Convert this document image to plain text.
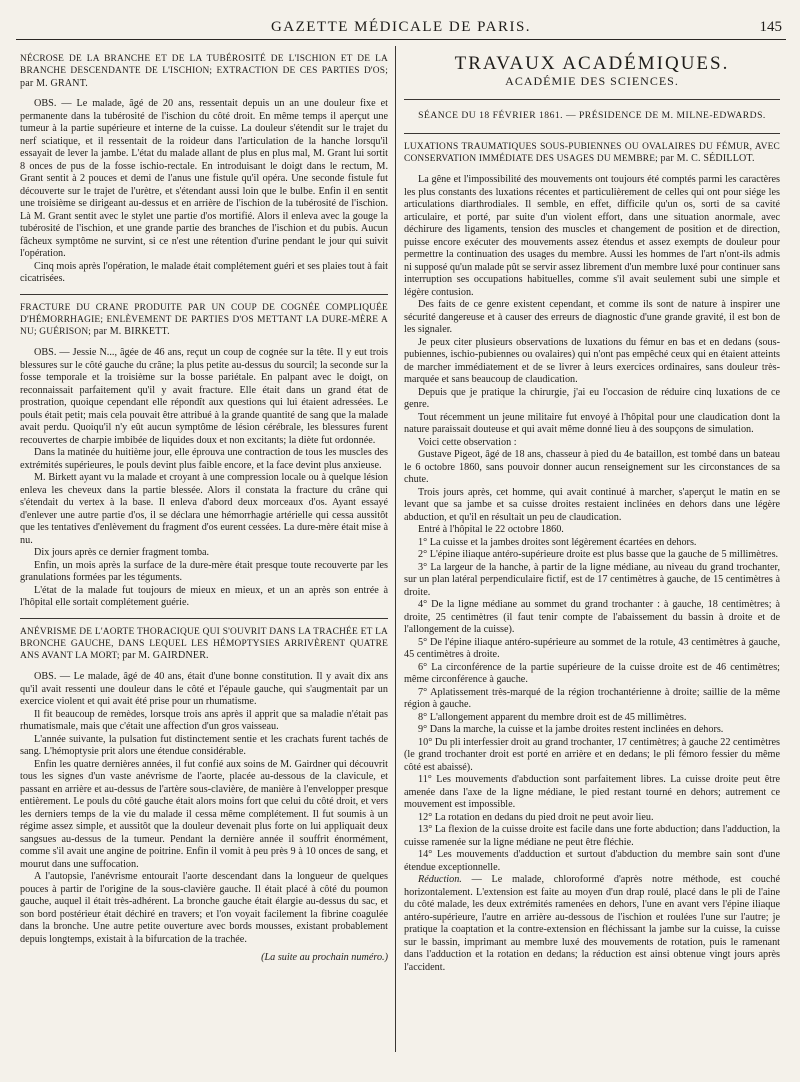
GAZETTE MÉDICALE DE PARIS.	145
NÉCROSE DE LA BRANCHE ET DE LA TUBÉROSITÉ DE L'ISCHION ET DE LA BRANCHE DESCENDANTE DE L'ISCHION; EXTRACTION DE CES PARTIES D'OS; par M. GRANT.

OBS. — Le malade, âgé de 20 ans, ressentait depuis un an une douleur fixe et permanente dans la tubérosité de l'ischion du côté droit. En même temps il aperçut une tumeur à la partie supérieure et interne de la cuisse. La douleur s'étendit sur le trajet du nerf sciatique, et il ressentait de la roideur dans l'articulation de la hanche lorsqu'il essayait de lever la jambe. L'état du malade allant de plus en plus mal, M. Grant lui sortit 8 onces de pus de la fosse ischio-rectale. En introduisant le doigt dans le rectum, M. Grant sentit à 2 pouces et demi de l'anus une fistule qu'il opéra. Une seconde fistule fut découverte sur le trajet de l'urètre, et s'étendant aussi loin que le bulbe. Enfin il en sentit une troisième se dirigeant au-dessus et en arrière de l'ischion de la tubérosité de l'ischion. Là M. Grant sentit avec le stylet une partie d'os mortifié. Alors il enleva avec la gouge la tubérosité de l'ischion, et une grande partie des branches de l'ischion et du pubis. Aucun fâcheux symptôme ne survint, si ce n'est une rétention d'urine pendant le jour qui suivit l'opération.

Cinq mois après l'opération, le malade était complétement guéri et ses plaies tout à fait cicatrisées.

FRACTURE DU CRANE PRODUITE PAR UN COUP DE COGNÉE COMPLIQUÉE D'HÉMORRHAGIE; ENLÈVEMENT DE PARTIES D'OS METTANT LA DURE-MÈRE A NU; GUÉRISON; par M. BIRKETT.

OBS. — Jessie N..., âgée de 46 ans, reçut un coup de cognée sur la tête. Il y eut trois blessures sur le côté gauche du crâne; la plus petite au-dessus du sourcil; la seconde sur la fosse temporale et la troisième sur la bosse pariétale. En palpant avec le doigt, on reconnaissait parfaitement qu'il y avait fracture. Elle était dans un grand état de prostration, quoique cependant elle répondît aux questions qui lui étaient adressées. Le pouls était petit; mais cela pouvait être attribué à la grande quantité de sang que la malade avait perdu. Quoiqu'il n'y eût aucun symptôme de lésion cérébrale, les blessures furent recouvertes de charpie imbibée de liquides doux et non excitants; la diète fut ordonnée.

Dans la matinée du huitième jour, elle éprouva une contraction de tous les muscles des extrémités supérieures, le pouls devint plus faible encore, et la face devint plus anxieuse.

M. Birkett ayant vu la malade et croyant à une compression locale ou à quelque lésion enleva les cheveux dans la partie blessée. Alors il constata la fracture du crâne qui s'étendait du vertex à la base. Il enleva d'abord deux morceaux d'os. Ayant essayé d'enlever une autre partie d'os, il se déclara une hémorrhagie artérielle qui cessa aussitôt que les tentatives d'enlèvement du fragment d'os eurent cessées. La dure-mère était mise à nu.

Dix jours après ce dernier fragment tomba.

Enfin, un mois après la surface de la dure-mère était presque toute recouverte par les granulations formées par les téguments.

L'état de la malade fut toujours de mieux en mieux, et un an après son entrée à l'hôpital elle sortait complétement guérie.

ANÉVRISME DE L'AORTE THORACIQUE QUI S'OUVRIT DANS LA TRACHÉE ET LA BRONCHE GAUCHE, DANS LEQUEL LES HÉMOPTYSIES ARRIVÈRENT QUATRE ANS AVANT LA MORT; par M. GAIRDNER.

OBS. — Le malade, âgé de 40 ans, était d'une bonne constitution. Il y avait dix ans qu'il avait ressenti une douleur dans le côté et l'épaule gauche, qui s'augmentait par un exercice violent et qui avait été prise pour un rhumatisme.

Il fit beaucoup de remèdes, lorsque trois ans après il apprit que sa maladie n'était pas rhumatismale, mais que c'était une affection d'un gros vaisseau.

L'année suivante, la pulsation fut distinctement sentie et les crachats furent tachés de sang. L'hémoptysie prit alors une étendue considérable.

Enfin les quatre dernières années, il fut confié aux soins de M. Gairdner qui découvrit tous les signes d'un vaste anévrisme de l'aorte, placée au-dessous de la clavicule, et passant en arrière et au-dessus de l'artère sous-clavière, de manière à l'envelopper presque entièrement. Le pouls du côté gauche était alors moins fort que celui du côté droit, et vers les derniers temps de la vie du malade il cessa même complétement. Il fut soumis à un régime assez simple, et aussitôt que la douleur devenait plus forte on lui appliquait deux sangsues au-dessus de la tumeur. Pendant la dernière année il souffrit énormément, comme s'il avait une angine de poitrine. Enfin il vomit à peu près 9 à 10 onces de sang, et mourut dans une suffocation.

A l'autopsie, l'anévrisme entourait l'aorte descendant dans la longueur de quelques pouces à partir de l'origine de la sous-clavière gauche. Il était placé à côté du poumon gauche, auquel il était très-adhérent. La bronche gauche était élargie au-dessus du sac, et son bord postérieur était déchiré en travers; et l'on voyait facilement la fibrine coagulée dans la bronche. Une autre petite ouverture avec bords mousses, existant probablement depuis longtemps, existait à la bifurcation de la trachée.

(La suite au prochain numéro.)
TRAVAUX ACADÉMIQUES.
ACADÉMIE DES SCIENCES.
SÉANCE DU 18 FÉVRIER 1861. — PRÉSIDENCE DE M. MILNE-EDWARDS.
LUXATIONS TRAUMATIQUES SOUS-PUBIENNES OU OVALAIRES DU FÉMUR, AVEC CONSERVATION IMMÉDIATE DES USAGES DU MEMBRE; par M. C. SÉDILLOT.

La gêne et l'impossibilité des mouvements ont toujours été comptés parmi les caractères les plus constants des luxations récentes et particulièrement de celles qui ont pour siége les articulations diarthrodiales. Il semble, en effet, difficile qu'un os, sorti de sa cavité articulaire, et porté, par suite d'un violent effort, dans une situation anormale, avec déchirure des ligaments, tension des muscles et changement de position et de direction, puisse encore exécuter des mouvements assez étendus et assez exempts de douleur pour permettre la continuation des usages du membre. Aussi les hommes de l'art n'ont-ils admis ni supposé qu'un malade pût se servir assez librement d'un membre luxé pour continuer sans interruption ses occupations habituelles, comme s'il avait seulement subi une simple et légère contusion.

Des faits de ce genre existent cependant, et comme ils sont de nature à inspirer une sécurité dangereuse et à causer des erreurs de diagnostic d'une grande gravité, il est bon de les signaler.

Je peux citer plusieurs observations de luxations du fémur en bas et en dedans (sous-pubiennes, ischio-pubiennes ou ovalaires) qui n'ont pas empêché ceux qui en étaient atteints de marcher immédiatement et de se livrer à leurs exercices ordinaires, sans douleur très-marquée et sans beaucoup de claudication.

Depuis que je pratique la chirurgie, j'ai eu l'occasion de réduire cinq luxations de ce genre.

Tout récemment un jeune militaire fut envoyé à l'hôpital pour une claudication dont la nature paraissait douteuse et qui avait même donné lieu à des soupçons de simulation.

Voici cette observation :

Gustave Pigeot, âgé de 18 ans, chasseur à pied du 4e bataillon, est tombé dans un bateau le 6 octobre 1860, sans pouvoir donner aucun renseignement sur les circonstances de sa chute.

Trois jours après, cet homme, qui avait continué à marcher, s'aperçut le matin en se levant que sa jambe et sa cuisse droites restaient inclinées en dehors dans une légère abduction, et qu'il en résultait un peu de claudication.

Entré à l'hôpital le 22 octobre 1860.

1° La cuisse et la jambes droites sont légèrement écartées en dehors.

2° L'épine iliaque antéro-supérieure droite est plus basse que la gauche de 5 millimètres.

3° La largeur de la hanche, à partir de la ligne médiane, au niveau du grand trochanter, sur un plan latéral perpendiculaire fictif, est de 17 centimètres à gauche, de 15 centimètres à droite.

4° De la ligne médiane au sommet du grand trochanter : à gauche, 18 centimètres; à droite, 25 centimètres (il faut tenir compte de l'abaissement du bassin à droite et de l'allongement de la cuisse).

5° De l'épine iliaque antéro-supérieure au sommet de la rotule, 43 centimètres à gauche, 45 centimètres à droite.

6° La circonférence de la partie supérieure de la cuisse droite est de 46 centimètres; même circonférence à gauche.

7° Aplatissement très-marqué de la région trochantérienne à droite; saillie de la même région à gauche.

8° L'allongement apparent du membre droit est de 45 millimètres.

9° Dans la marche, la cuisse et la jambe droites restent inclinées en dehors.

10° Du pli interfessier droit au grand trochanter, 17 centimètres; à gauche 22 centimètres (le grand trochanter droit est porté en arrière et en dedans; le pli fémoro fessier du même côté est abaissé).

11° Les mouvements d'abduction sont parfaitement libres. La cuisse droite peut être amenée dans l'axe de la ligne médiane, le pied restant tourné en dehors; autrement ce mouvement est impossible.

12° La rotation en dedans du pied droit ne peut avoir lieu.

13° La flexion de la cuisse droite est facile dans une forte abduction; dans l'adduction, la cuisse ramenée sur la ligne médiane ne peut être fléchie.

14° Les mouvements d'adduction et surtout d'abduction du membre sain sont d'une étendue exceptionnelle.

Réduction. — Le malade, chloroformé d'après notre méthode, est couché horizontalement. L'extension est faite au moyen d'un drap roulé, placé dans le pli de l'aine du côté malade, les deux extrémités ramenées en dehors, l'une en avant vers l'épine iliaque antéro-supérieure, l'autre en arrière au-dessous de l'ischion et roulées l'une sur l'autre; je pratique la coaptation et la contre-extension en fléchissant la jambe sur la cuisse, la cuisse sur le bassin, imprimant au membre luxé des mouvements de rotation, puis le ramenant dans l'adduction et la rotation en dedans; la réduction est ainsi obtenue vingt jours après l'accident.
